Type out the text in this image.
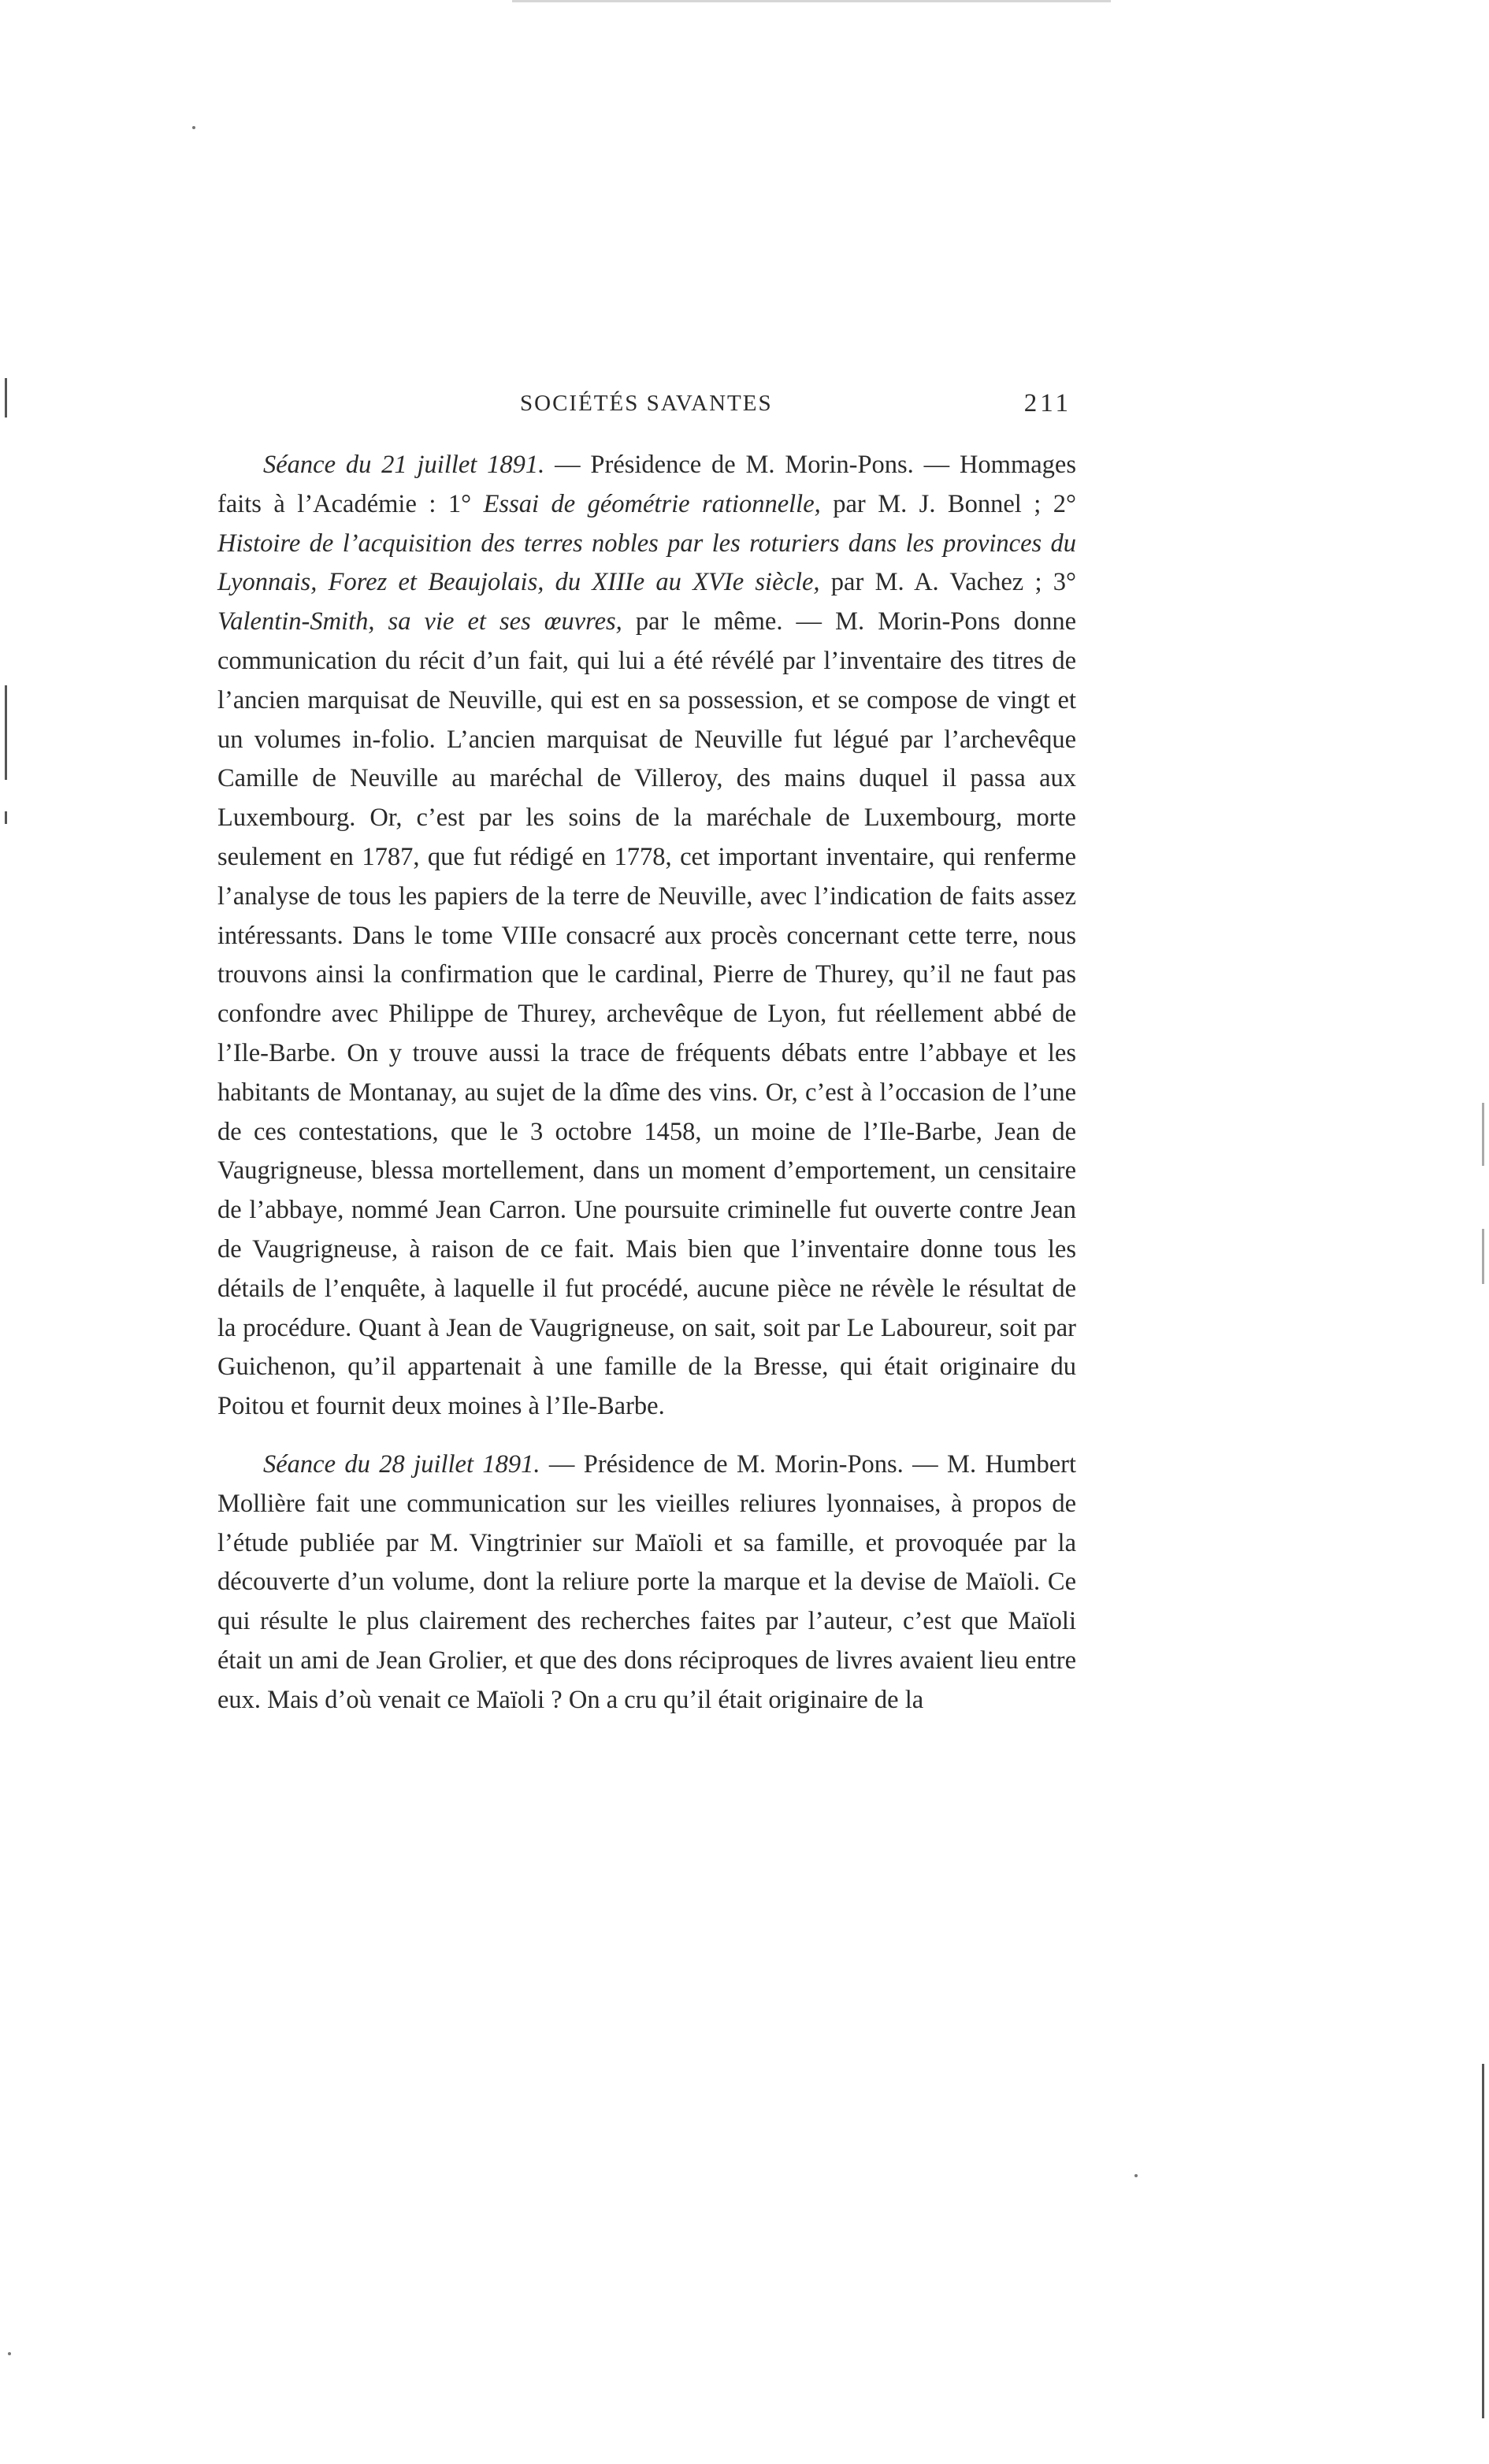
SOCIÉTÉS SAVANTES	211

Séance du 21 juillet 1891. — Présidence de M. Morin-Pons. — Hommages faits à l’Académie : 1° Essai de géométrie rationnelle, par M. J. Bonnel ; 2° Histoire de l’acquisition des terres nobles par les roturiers dans les provinces du Lyonnais, Forez et Beaujolais, du XIIIe au XVIe siècle, par M. A. Vachez ; 3° Valentin-Smith, sa vie et ses œuvres, par le même. — M. Morin-Pons donne communication du récit d’un fait, qui lui a été révélé par l’inventaire des titres de l’ancien marquisat de Neuville, qui est en sa possession, et se compose de vingt et un volumes in-folio. L’ancien marquisat de Neuville fut légué par l’archevêque Camille de Neuville au maréchal de Villeroy, des mains duquel il passa aux Luxembourg. Or, c’est par les soins de la maréchale de Luxembourg, morte seulement en 1787, que fut rédigé en 1778, cet important inventaire, qui renferme l’analyse de tous les papiers de la terre de Neuville, avec l’indication de faits assez intéressants. Dans le tome VIIIe consacré aux procès concernant cette terre, nous trouvons ainsi la confirmation que le cardinal, Pierre de Thurey, qu’il ne faut pas confondre avec Philippe de Thurey, archevêque de Lyon, fut réellement abbé de l’Ile-Barbe. On y trouve aussi la trace de fréquents débats entre l’abbaye et les habitants de Montanay, au sujet de la dîme des vins. Or, c’est à l’occasion de l’une de ces contestations, que le 3 octobre 1458, un moine de l’Ile-Barbe, Jean de Vaugrigneuse, blessa mortellement, dans un moment d’emportement, un censitaire de l’abbaye, nommé Jean Carron. Une poursuite criminelle fut ouverte contre Jean de Vaugrigneuse, à raison de ce fait. Mais bien que l’inventaire donne tous les détails de l’enquête, à laquelle il fut procédé, aucune pièce ne révèle le résultat de la procédure. Quant à Jean de Vaugrigneuse, on sait, soit par Le Laboureur, soit par Guichenon, qu’il appartenait à une famille de la Bresse, qui était originaire du Poitou et fournit deux moines à l’Ile-Barbe.

Séance du 28 juillet 1891. — Présidence de M. Morin-Pons. — M. Humbert Mollière fait une communication sur les vieilles reliures lyonnaises, à propos de l’étude publiée par M. Vingtrinier sur Maïoli et sa famille, et provoquée par la découverte d’un volume, dont la reliure porte la marque et la devise de Maïoli. Ce qui résulte le plus clairement des recherches faites par l’auteur, c’est que Maïoli était un ami de Jean Grolier, et que des dons réciproques de livres avaient lieu entre eux. Mais d’où venait ce Maïoli ? On a cru qu’il était originaire de la
